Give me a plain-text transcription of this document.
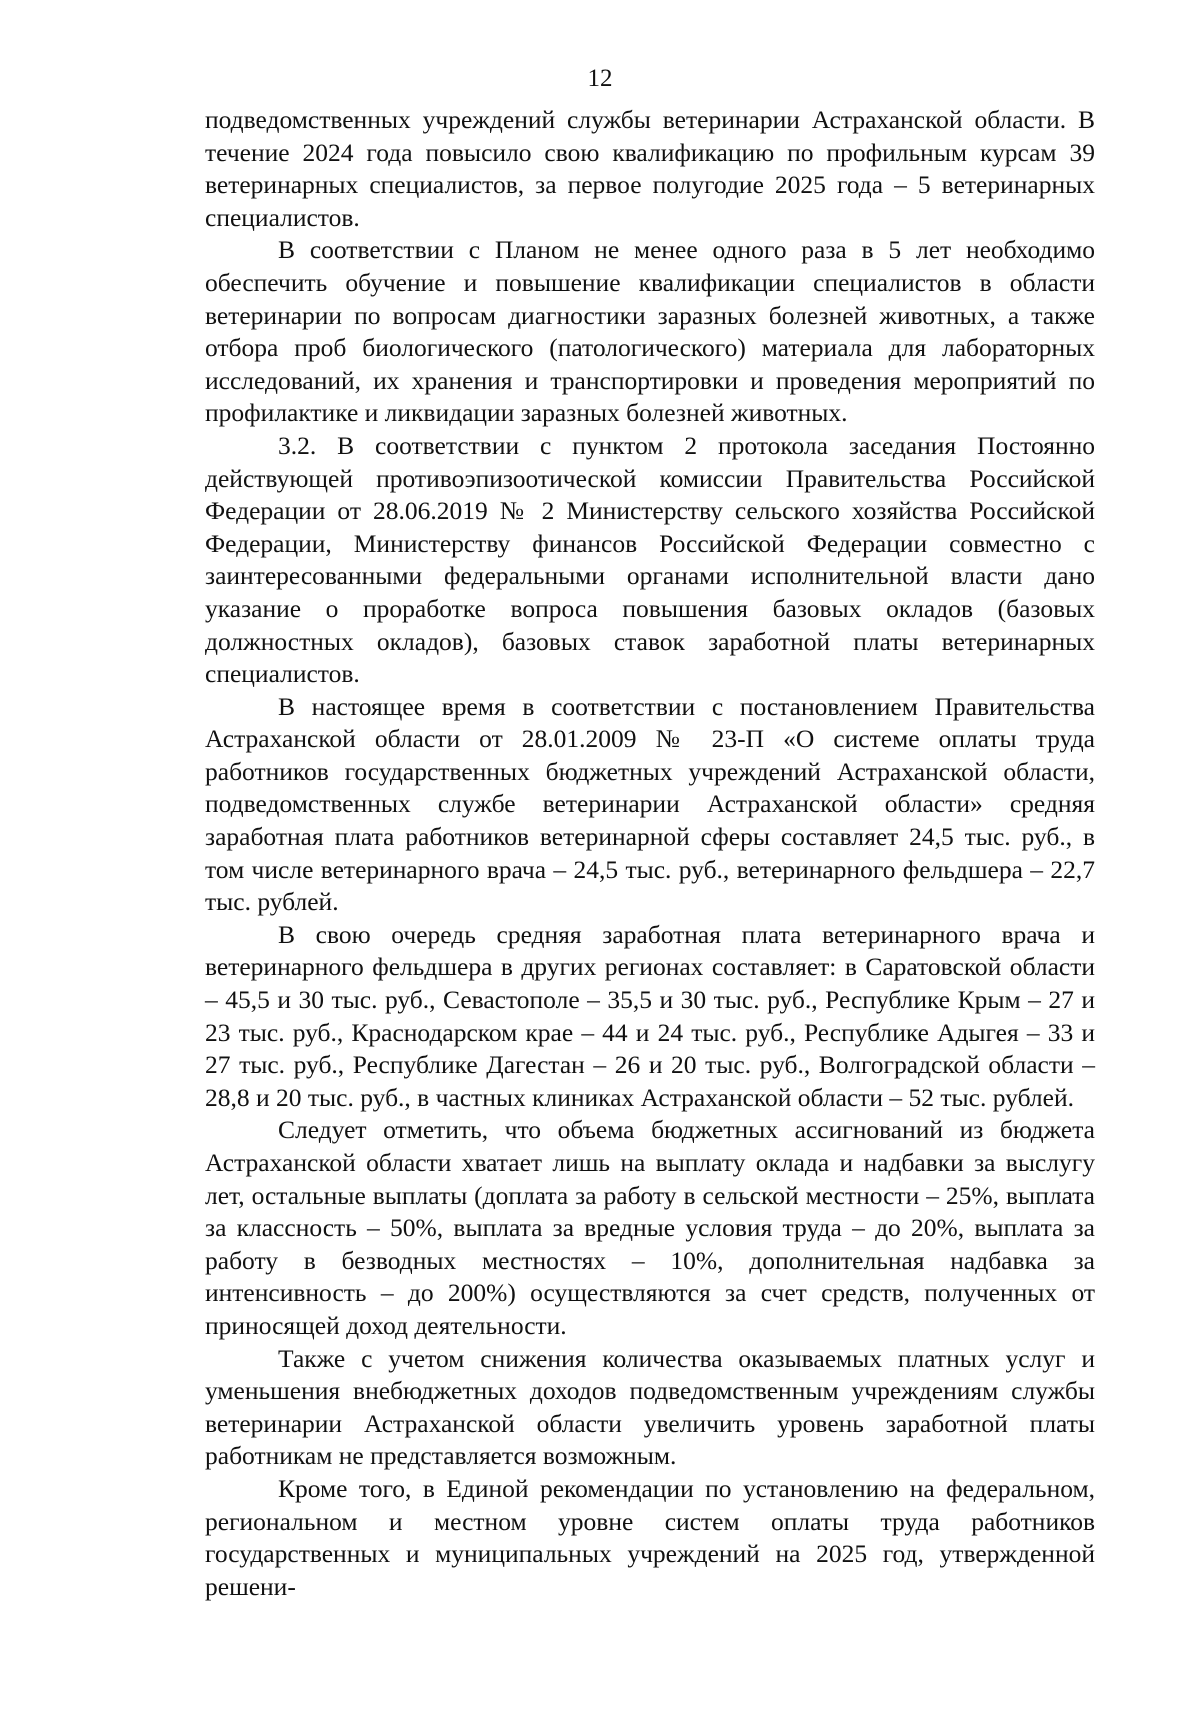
12

подведомственных учреждений службы ветеринарии Астраханской области. В течение 2024 года повысило свою квалификацию по профильным курсам 39 ветеринарных специалистов, за первое полугодие 2025 года – 5 ветеринарных специалистов.

В соответствии с Планом не менее одного раза в 5 лет необходимо обеспечить обучение и повышение квалификации специалистов в области ветеринарии по вопросам диагностики заразных болезней животных, а также отбора проб биологического (патологического) материала для лабораторных исследований, их хранения и транспортировки и проведения мероприятий по профилактике и ликвидации заразных болезней животных.

3.2. В соответствии с пунктом 2 протокола заседания Постоянно действующей противоэпизоотической комиссии Правительства Российской Федерации от 28.06.2019 № 2 Министерству сельского хозяйства Российской Федерации, Министерству финансов Российской Федерации совместно с заинтересованными федеральными органами исполнительной власти дано указание о проработке вопроса повышения базовых окладов (базовых должностных окладов), базовых ставок заработной платы ветеринарных специалистов.

В настоящее время в соответствии с постановлением Правительства Астраханской области от 28.01.2009 № 23-П «О системе оплаты труда работников государственных бюджетных учреждений Астраханской области, подведомственных службе ветеринарии Астраханской области» средняя заработная плата работников ветеринарной сферы составляет 24,5 тыс. руб., в том числе ветеринарного врача – 24,5 тыс. руб., ветеринарного фельдшера – 22,7 тыс. рублей.

В свою очередь средняя заработная плата ветеринарного врача и ветеринарного фельдшера в других регионах составляет: в Саратовской области – 45,5 и 30 тыс. руб., Севастополе – 35,5 и 30 тыс. руб., Республике Крым – 27 и 23 тыс. руб., Краснодарском крае – 44 и 24 тыс. руб., Республике Адыгея – 33 и 27 тыс. руб., Республике Дагестан – 26 и 20 тыс. руб., Волгоградской области – 28,8 и 20 тыс. руб., в частных клиниках Астраханской области – 52 тыс. рублей.

Следует отметить, что объема бюджетных ассигнований из бюджета Астраханской области хватает лишь на выплату оклада и надбавки за выслугу лет, остальные выплаты (доплата за работу в сельской местности – 25%, выплата за классность – 50%, выплата за вредные условия труда – до 20%, выплата за работу в безводных местностях – 10%, дополнительная надбавка за интенсивность – до 200%) осуществляются за счет средств, полученных от приносящей доход деятельности.

Также с учетом снижения количества оказываемых платных услуг и уменьшения внебюджетных доходов подведомственным учреждениям службы ветеринарии Астраханской области увеличить уровень заработной платы работникам не представляется возможным.

Кроме того, в Единой рекомендации по установлению на федеральном, региональном и местном уровне систем оплаты труда работников государственных и муниципальных учреждений на 2025 год, утвержденной решени-
